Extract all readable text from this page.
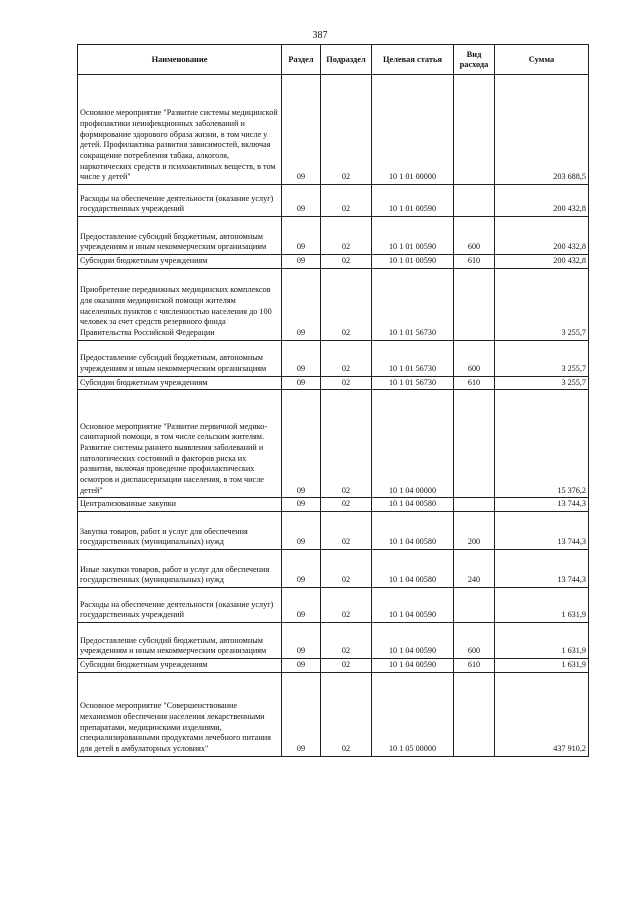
387
Наименование	Раздел	Подраздел	Целевая статья	Вид расхода	Сумма
Основное мероприятие "Развитие системы медицинской профилактики неинфекционных заболеваний и формирование здорового образа жизни, в том числе у детей. Профилактика развития зависимостей, включая сокращение потребления табака, алкоголя, наркотических средств и психоактивных веществ, в том числе у детей"	09	02	10 1 01 00000		203 688,5
Расходы на обеспечение деятельности (оказание услуг) государственных учреждений	09	02	10 1 01 00590		200 432,8
Предоставление субсидий бюджетным, автономным учреждениям и иным некоммерческим организациям	09	02	10 1 01 00590	600	200 432,8
Субсидии бюджетным учреждениям	09	02	10 1 01 00590	610	200 432,8
Приобретение передвижных медицинских комплексов для оказания медицинской помощи жителям населенных пунктов с численностью населения до 100 человек за счет средств резервного фонда Правительства Российской Федерации	09	02	10 1 01 56730		3 255,7
Предоставление субсидий бюджетным, автономным учреждениям и иным некоммерческим организациям	09	02	10 1 01 56730	600	3 255,7
Субсидии бюджетным учреждениям	09	02	10 1 01 56730	610	3 255,7
Основное мероприятие "Развитие первичной медико-санитарной помощи, в том числе сельским жителям. Развитие системы раннего выявления заболеваний и патологических состояний и факторов риска их развития, включая проведение профилактических осмотров и диспансеризации населения, в том числе детей"	09	02	10 1 04 00000		15 376,2
Централизованные закупки	09	02	10 1 04 00580		13 744,3
Закупка товаров, работ и услуг для обеспечения государственных (муниципальных) нужд	09	02	10 1 04 00580	200	13 744,3
Иные закупки товаров, работ и услуг для обеспечения государственных (муниципальных) нужд	09	02	10 1 04 00580	240	13 744,3
Расходы на обеспечение деятельности (оказание услуг) государственных учреждений	09	02	10 1 04 00590		1 631,9
Предоставление субсидий бюджетным, автономным учреждениям и иным некоммерческим организациям	09	02	10 1 04 00590	600	1 631,9
Субсидии бюджетным учреждениям	09	02	10 1 04 00590	610	1 631,9
Основное мероприятие "Совершенствование механизмов обеспечения населения лекарственными препаратами, медицинскими изделиями, специализированными продуктами лечебного питания для детей в амбулаторных условиях"	09	02	10 1 05 00000		437 910,2
